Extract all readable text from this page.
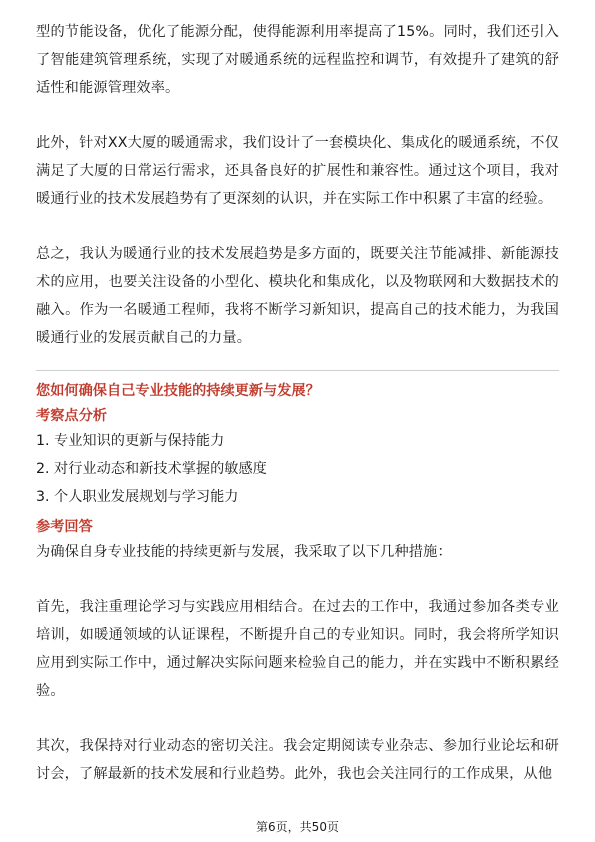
型的节能设备，优化了能源分配，使得能源利用率提高了15%。同时，我们还引入了智能建筑管理系统，实现了对暖通系统的远程监控和调节，有效提升了建筑的舒适性和能源管理效率。

此外，针对XX大厦的暖通需求，我们设计了一套模块化、集成化的暖通系统，不仅满足了大厦的日常运行需求，还具备良好的扩展性和兼容性。通过这个项目，我对暖通行业的技术发展趋势有了更深刻的认识，并在实际工作中积累了丰富的经验。

总之，我认为暖通行业的技术发展趋势是多方面的，既要关注节能减排、新能源技术的应用，也要关注设备的小型化、模块化和集成化，以及物联网和大数据技术的融入。作为一名暖通工程师，我将不断学习新知识，提高自己的技术能力，为我国暖通行业的发展贡献自己的力量。

您如何确保自己专业技能的持续更新与发展？

考察点分析

1. 专业知识的更新与保持能力
2. 对行业动态和新技术掌握的敏感度
3. 个人职业发展规划与学习能力

参考回答

为确保自身专业技能的持续更新与发展，我采取了以下几种措施：

首先，我注重理论学习与实践应用相结合。在过去的工作中，我通过参加各类专业培训，如暖通领域的认证课程，不断提升自己的专业知识。同时，我会将所学知识应用到实际工作中，通过解决实际问题来检验自己的能力，并在实践中不断积累经验。

其次，我保持对行业动态的密切关注。我会定期阅读专业杂志、参加行业论坛和研讨会，了解最新的技术发展和行业趋势。此外，我也会关注同行的工作成果，从他

第6页，共50页
